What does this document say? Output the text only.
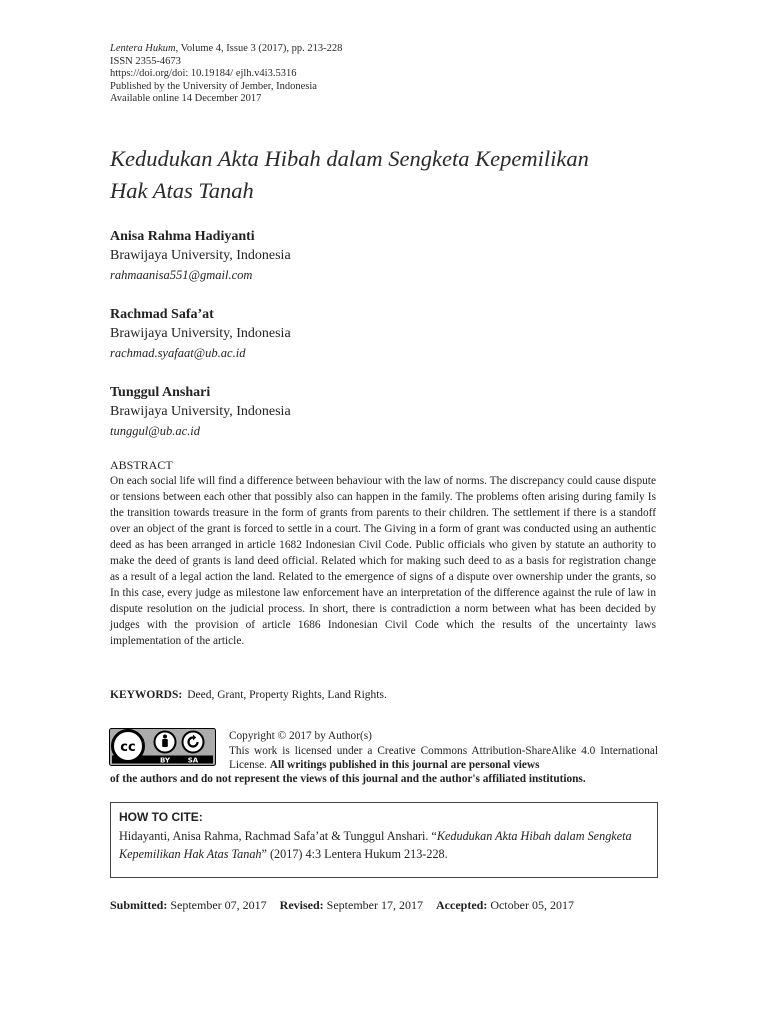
Lentera Hukum, Volume 4, Issue 3 (2017), pp. 213-228
ISSN 2355-4673
https://doi.org/doi: 10.19184/ ejlh.v4i3.5316
Published by the University of Jember, Indonesia
Available online 14 December 2017
Kedudukan Akta Hibah dalam Sengketa Kepemilikan
Hak Atas Tanah
Anisa Rahma Hadiyanti
Brawijaya University, Indonesia
rahmaanisa551@gmail.com
Rachmad Safa’at
Brawijaya University, Indonesia
rachmad.syafaat@ub.ac.id
Tunggul Anshari
Brawijaya University, Indonesia
tunggul@ub.ac.id
ABSTRACT
On each social life will find a difference between behaviour with the law of norms. The discrepancy could cause dispute or tensions between each other that possibly also can happen in the family. The problems often arising during family Is the transition towards treasure in the form of grants from parents to their children. The settlement if there is a standoff over an object of the grant is forced to settle in a court. The Giving in a form of grant was conducted using an authentic deed as has been arranged in article 1682 Indonesian Civil Code. Public officials who given by statute an authority to make the deed of grants is land deed official. Related which for making such deed to as a basis for registration change as a result of a legal action the land. Related to the emergence of signs of a dispute over ownership under the grants, so In this case, every judge as milestone law enforcement have an interpretation of the difference against the rule of law in dispute resolution on the judicial process. In short, there is contradiction a norm between what has been decided by judges with the provision of article 1686 Indonesian Civil Code which the results of the uncertainty laws implementation of the article.
KEYWORDS: Deed, Grant, Property Rights, Land Rights.
cc
BY	SA
Copyright © 2017 by Author(s)
This work is licensed under a Creative Commons Attribution-ShareAlike 4.0 International License. All writings published in this journal are personal views
of the authors and do not represent the views of this journal and the author's affiliated institutions.
HOW TO CITE:
Hidayanti, Anisa Rahma, Rachmad Safa’at & Tunggul Anshari. “Kedudukan Akta Hibah dalam Sengketa Kepemilikan Hak Atas Tanah” (2017) 4:3 Lentera Hukum 213-228.
Submitted: September 07, 2017 Revised: September 17, 2017 Accepted: October 05, 2017
